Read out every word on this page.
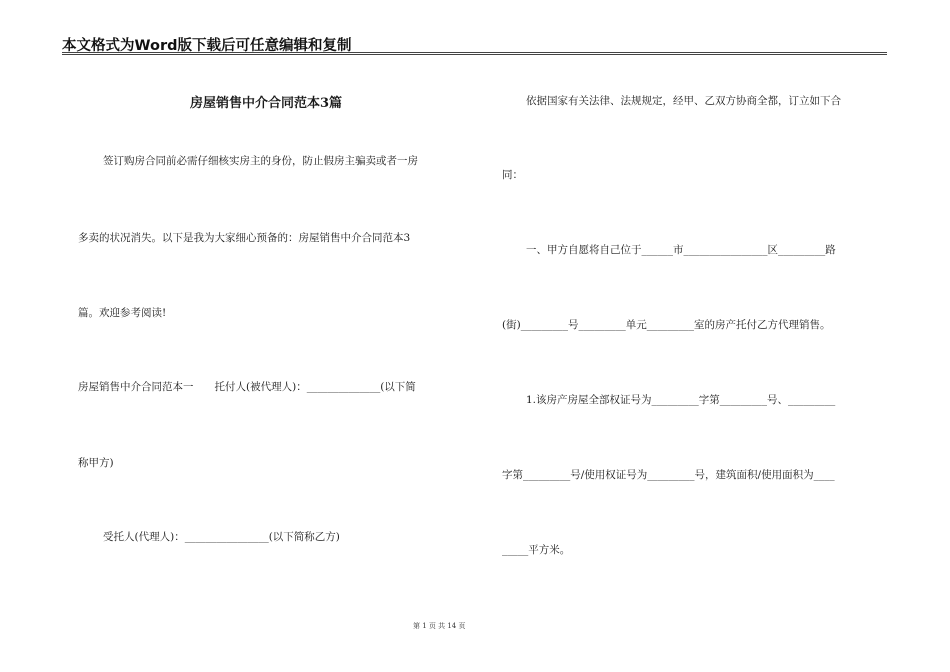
本文格式为Word版下载后可任意编辑和复制
房屋销售中介合同范本3篇
签订购房合同前必需仔细核实房主的身份，防止假房主骗卖或者一房
多卖的状况消失。以下是我为大家细心预备的：房屋销售中介合同范本3
篇。欢迎参考阅读!
房屋销售中介合同范本一　　托付人(被代理人)：______________(以下简
称甲方)
受托人(代理人)：________________(以下简称乙方)
依据国家有关法律、法规规定，经甲、乙双方协商全都，订立如下合
同：
一、甲方自愿将自己位于______市________________区_________路
(街)_________号_________单元_________室的房产托付乙方代理销售。
1.该房产房屋全部权证号为_________字第_________号、_________
字第_________号/使用权证号为_________号，建筑面积/使用面积为____
_____平方米。
第 1 页 共 14 页
